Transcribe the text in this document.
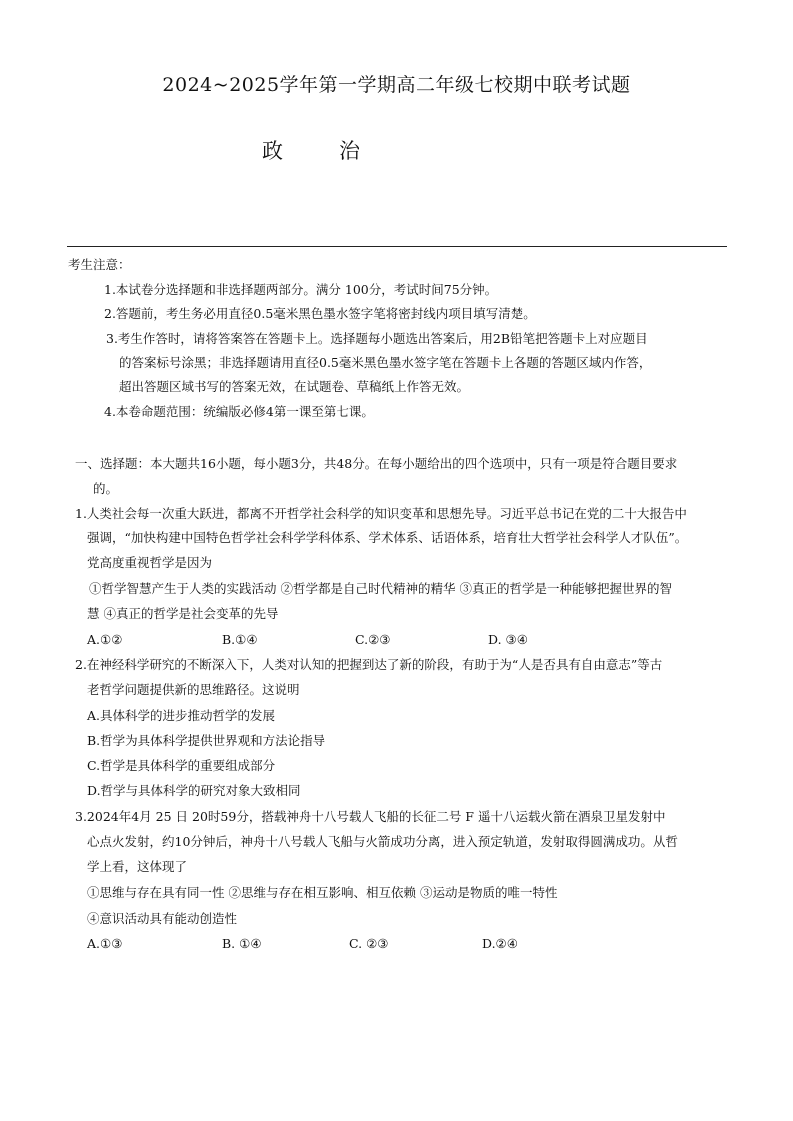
2024~2025学年第一学期高二年级七校期中联考试题
政	治
考生注意：
1.本试卷分选择题和非选择题两部分。满分 100分，考试时间75分钟。
2.答题前，考生务必用直径0.5毫米黑色墨水签字笔将密封线内项目填写清楚。
3.考生作答时，请将答案答在答题卡上。选择题每小题选出答案后，用2B铅笔把答题卡上对应题目
的答案标号涂黑；非选择题请用直径0.5毫米黑色墨水签字笔在答题卡上各题的答题区域内作答，
超出答题区域书写的答案无效，在试题卷、草稿纸上作答无效。
4.本卷命题范围：统编版必修4第一课至第七课。
一、选择题：本大题共16小题，每小题3分，共48分。在每小题给出的四个选项中，只有一项是符合题目要求
的。
1.人类社会每一次重大跃进，都离不开哲学社会科学的知识变革和思想先导。习近平总书记在党的二十大报告中
强调，“加快构建中国特色哲学社会科学学科体系、学术体系、话语体系，培育壮大哲学社会科学人才队伍”。
党高度重视哲学是因为
①哲学智慧产生于人类的实践活动 ②哲学都是自己时代精神的精华 ③真正的哲学是一种能够把握世界的智
慧 ④真正的哲学是社会变革的先导
A.①②	B.①④	C.②③	D. ③④
2.在神经科学研究的不断深入下，人类对认知的把握到达了新的阶段，有助于为“人是否具有自由意志”等古
老哲学问题提供新的思维路径。这说明
A.具体科学的进步推动哲学的发展
B.哲学为具体科学提供世界观和方法论指导
C.哲学是具体科学的重要组成部分
D.哲学与具体科学的研究对象大致相同
3.2024年4月 25 日 20时59分，搭载神舟十八号载人飞船的长征二号 F 遥十八运载火箭在酒泉卫星发射中
心点火发射，约10分钟后，神舟十八号载人飞船与火箭成功分离，进入预定轨道，发射取得圆满成功。从哲
学上看，这体现了
①思维与存在具有同一性 ②思维与存在相互影响、相互依赖 ③运动是物质的唯一特性
④意识活动具有能动创造性
A.①③	B. ①④	C. ②③	D.②④
